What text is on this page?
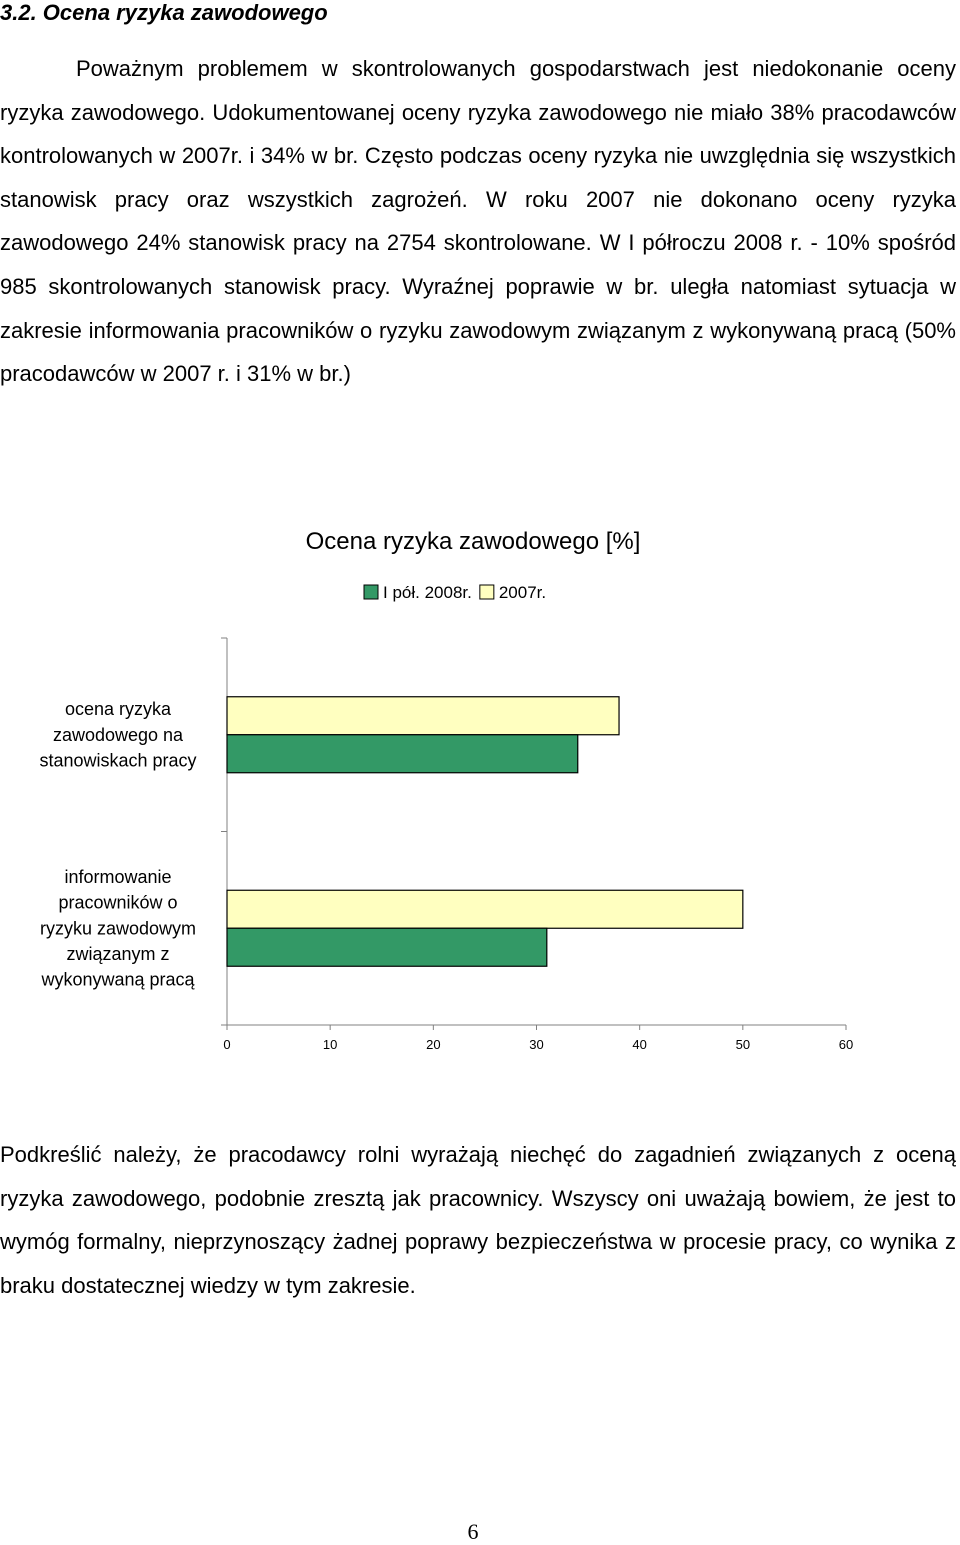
3.2. Ocena ryzyka zawodowego

Poważnym problemem w skontrolowanych gospodarstwach jest niedokonanie oceny ryzyka zawodowego. Udokumentowanej oceny ryzyka zawodowego nie miało 38% pracodawców kontrolowanych w 2007r. i 34% w br. Często podczas oceny ryzyka nie uwzględnia się wszystkich stanowisk pracy oraz wszystkich zagrożeń. W roku 2007 nie dokonano oceny ryzyka zawodowego 24% stanowisk pracy na 2754 skontrolowane. W I półroczu 2008 r. - 10% spośród 985 skontrolowanych stanowisk pracy. Wyraźnej poprawie w br. uległa natomiast sytuacja w zakresie informowania pracowników o ryzyku zawodowym związanym z wykonywaną pracą (50% pracodawców w 2007 r. i 31% w br.)

Ocena ryzyka zawodowego [%]
I pół. 2008r. 2007r.
0	10	20	30	40	50	60
ocena ryzyka
zawodowego na
stanowiskach pracy
informowanie
pracowników o
ryzyku zawodowym
związanym z
wykonywaną pracą

Podkreślić należy, że pracodawcy rolni wyrażają niechęć do zagadnień związanych z oceną ryzyka zawodowego, podobnie zresztą jak pracownicy. Wszyscy oni uważają bowiem, że jest to wymóg formalny, nieprzynoszący żadnej poprawy bezpieczeństwa w procesie pracy, co wynika z braku dostatecznej wiedzy w tym zakresie.

6
